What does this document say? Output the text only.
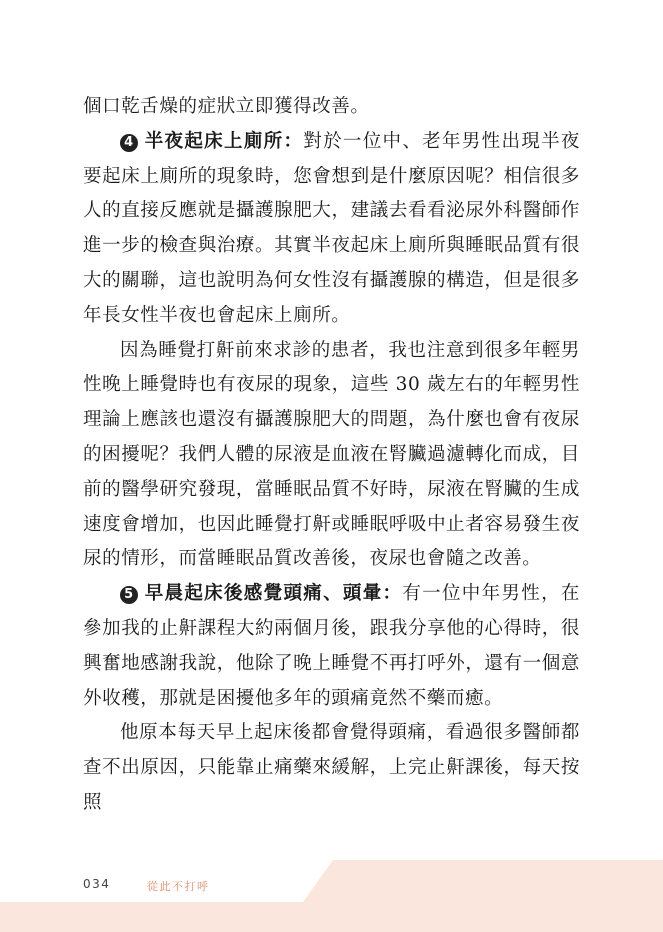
個口乾舌燥的症狀立即獲得改善。

4 半夜起床上廁所：對於一位中、老年男性出現半夜要起床上廁所的現象時，您會想到是什麼原因呢？相信很多人的直接反應就是攝護腺肥大，建議去看看泌尿外科醫師作進一步的檢查與治療。其實半夜起床上廁所與睡眠品質有很大的關聯，這也說明為何女性沒有攝護腺的構造，但是很多年長女性半夜也會起床上廁所。

因為睡覺打鼾前來求診的患者，我也注意到很多年輕男性晚上睡覺時也有夜尿的現象，這些 30 歲左右的年輕男性理論上應該也還沒有攝護腺肥大的問題，為什麼也會有夜尿的困擾呢？我們人體的尿液是血液在腎臟過濾轉化而成，目前的醫學研究發現，當睡眠品質不好時，尿液在腎臟的生成速度會增加，也因此睡覺打鼾或睡眠呼吸中止者容易發生夜尿的情形，而當睡眠品質改善後，夜尿也會隨之改善。

5 早晨起床後感覺頭痛、頭暈：有一位中年男性，在參加我的止鼾課程大約兩個月後，跟我分享他的心得時，很興奮地感謝我說，他除了晚上睡覺不再打呼外，還有一個意外收穫，那就是困擾他多年的頭痛竟然不藥而癒。

他原本每天早上起床後都會覺得頭痛，看過很多醫師都查不出原因，只能靠止痛藥來緩解，上完止鼾課後，每天按照

034	從此不打呼
